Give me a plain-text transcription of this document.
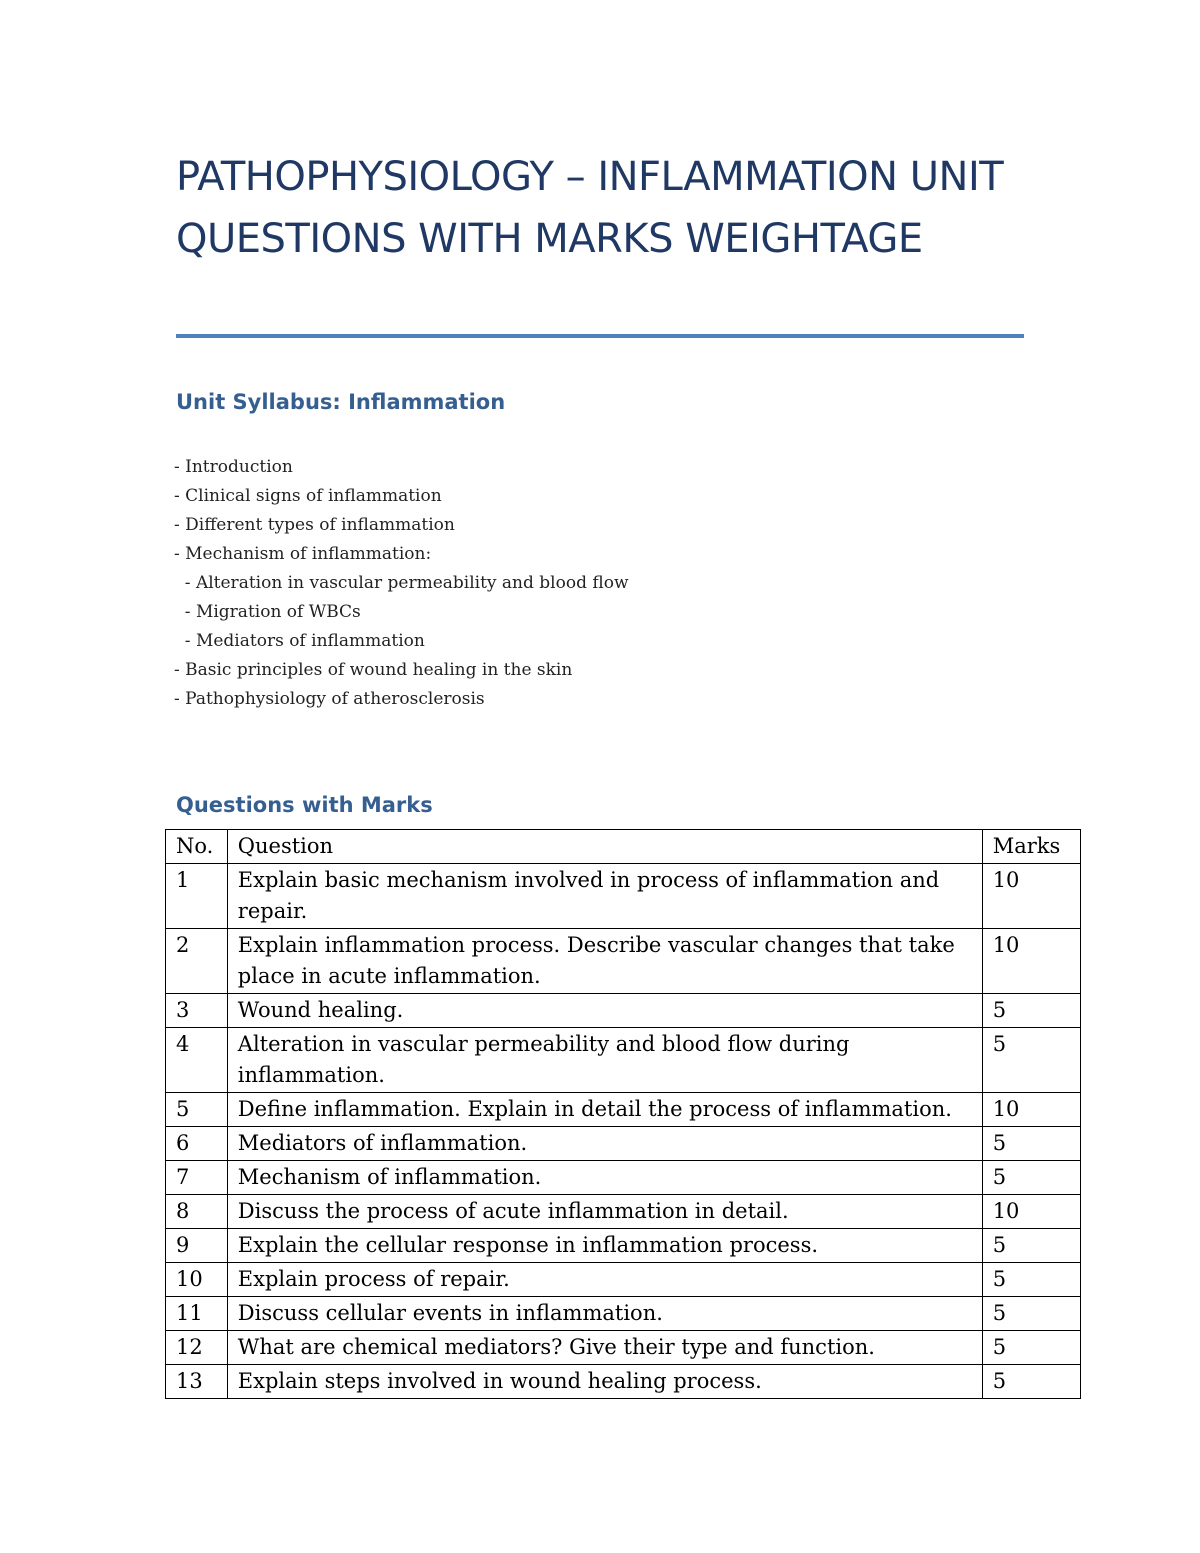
PATHOPHYSIOLOGY – INFLAMMATION UNIT QUESTIONS WITH MARKS WEIGHTAGE
Unit Syllabus: Inflammation
- Introduction
- Clinical signs of inflammation
- Different types of inflammation
- Mechanism of inflammation:
- Alteration in vascular permeability and blood flow
- Migration of WBCs
- Mediators of inflammation
- Basic principles of wound healing in the skin
- Pathophysiology of atherosclerosis
Questions with Marks
No.	Question	Marks
1	Explain basic mechanism involved in process of inflammation and repair.	10
2	Explain inflammation process. Describe vascular changes that take place in acute inflammation.	10
3	Wound healing.	5
4	Alteration in vascular permeability and blood flow during inflammation.	5
5	Define inflammation. Explain in detail the process of inflammation.	10
6	Mediators of inflammation.	5
7	Mechanism of inflammation.	5
8	Discuss the process of acute inflammation in detail.	10
9	Explain the cellular response in inflammation process.	5
10	Explain process of repair.	5
11	Discuss cellular events in inflammation.	5
12	What are chemical mediators? Give their type and function.	5
13	Explain steps involved in wound healing process.	5
